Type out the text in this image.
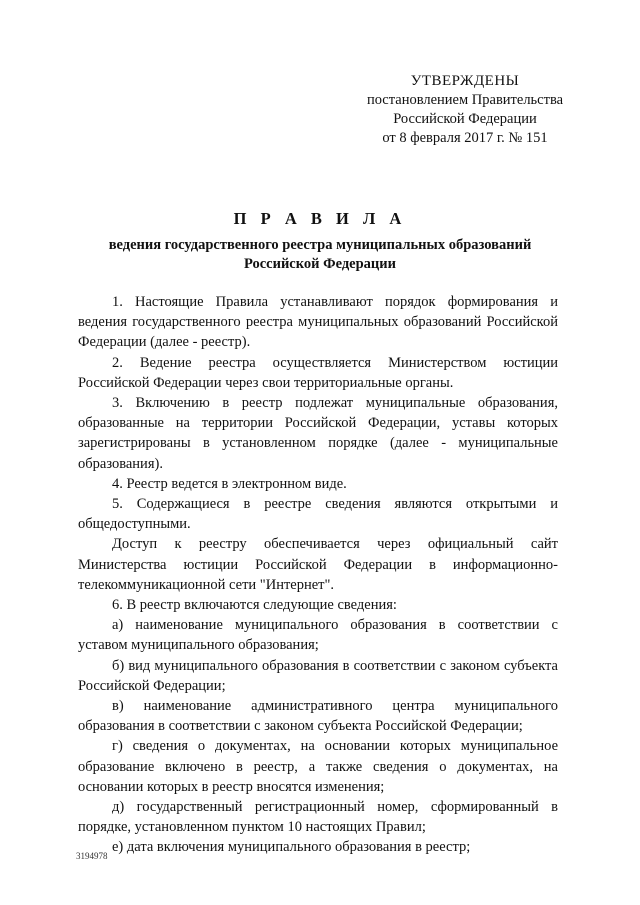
УТВЕРЖДЕНЫ
постановлением Правительства
Российской Федерации
от 8 февраля 2017 г. № 151
П Р А В И Л А
ведения государственного реестра муниципальных образований
Российской Федерации

1. Настоящие Правила устанавливают порядок формирования и ведения государственного реестра муниципальных образований Российской Федерации (далее - реестр).

2. Ведение реестра осуществляется Министерством юстиции Российской Федерации через свои территориальные органы.

3. Включению в реестр подлежат муниципальные образования, образованные на территории Российской Федерации, уставы которых зарегистрированы в установленном порядке (далее - муниципальные образования).

4. Реестр ведется в электронном виде.

5. Содержащиеся в реестре сведения являются открытыми и общедоступными.

Доступ к реестру обеспечивается через официальный сайт Министерства юстиции Российской Федерации в информационно-телекоммуникационной сети "Интернет".

6. В реестр включаются следующие сведения:

а) наименование муниципального образования в соответствии с уставом муниципального образования;

б) вид муниципального образования в соответствии с законом субъекта Российской Федерации;

в) наименование административного центра муниципального образования в соответствии с законом субъекта Российской Федерации;

г) сведения о документах, на основании которых муниципальное образование включено в реестр, а также сведения о документах, на основании которых в реестр вносятся изменения;

д) государственный регистрационный номер, сформированный в порядке, установленном пунктом 10 настоящих Правил;

е) дата включения муниципального образования в реестр;

3194978
